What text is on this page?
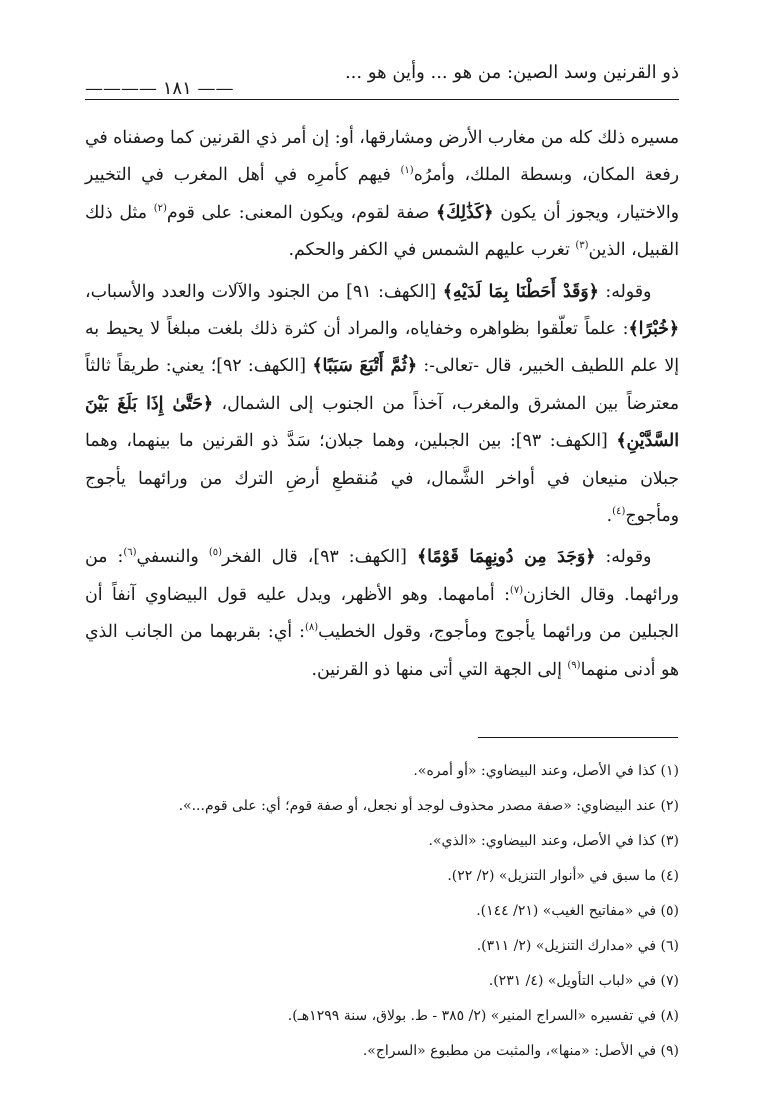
ذو القرنين وسد الصين: من هو ... وأين هو ...
—— ١٨١ ————

مسيره ذلك كله من مغارب الأرض ومشارقها، أو: إن أمر ذي القرنين كما وصفناه في رفعة المكان، وبسطة الملك، وأمرُه$^{(١)}$ فيهم كأمرِه في أهل المغرب في التخيير والاختيار، ويجوز أن يكون ﴿كَذَٰلِكَ﴾ صفة لقوم، ويكون المعنى: على قوم$^{(٢)}$ مثل ذلك القبيل، الذين$^{(٣)}$ تغرب عليهم الشمس في الكفر والحكم.

وقوله: ﴿وَقَدْ أَحَطْنَا بِمَا لَدَيْهِ﴾ [الكهف: ٩١] من الجنود والآلات والعدد والأسباب، ﴿خُبْرًا﴾: علماً تعلّقوا بظواهره وخفاياه، والمراد أن كثرة ذلك بلغت مبلغاً لا يحيط به إلا علم اللطيف الخبير، قال -تعالى-: ﴿ثُمَّ أَتْبَعَ سَبَبًا﴾ [الكهف: ٩٢]؛ يعني: طريقاً ثالثاً معترضاً بين المشرق والمغرب، آخذاً من الجنوب إلى الشمال، ﴿حَتَّىٰ إِذَا بَلَغَ بَيْنَ السَّدَّيْنِ﴾ [الكهف: ٩٣]: بين الجبلين، وهما جبلان؛ سَدَّ ذو القرنين ما بينهما، وهما جبلان منيعان في أواخر الشَّمال، في مُنقطعِ أرضِ الترك من ورائهما يأجوج ومأجوج$^{(٤)}$.

وقوله: ﴿وَجَدَ مِن دُونِهِمَا قَوْمًا﴾ [الكهف: ٩٣]، قال الفخر$^{(٥)}$ والنسفي$^{(٦)}$: من ورائهما. وقال الخازن$^{(٧)}$: أمامهما. وهو الأظهر، ويدل عليه قول البيضاوي آنفاً أن الجبلين من ورائهما يأجوج ومأجوج، وقول الخطيب$^{(٨)}$: أي: بقربهما من الجانب الذي هو أدنى منهما$^{(٩)}$ إلى الجهة التي أتى منها ذو القرنين.

(١) كذا في الأصل، وعند البيضاوي: «أو أمره».
(٢) عند البيضاوي: «صفة مصدر محذوف لوجد أو نجعل، أو صفة قوم؛ أي: على قوم...».
(٣) كذا في الأصل، وعند البيضاوي: «الذي».
(٤) ما سبق في «أنوار التنزيل» (٢/ ٢٢).
(٥) في «مفاتيح الغيب» (٢١/ ١٤٤).
(٦) في «مدارك التنزيل» (٢/ ٣١١).
(٧) في «لباب التأويل» (٤/ ٢٣١).
(٨) في تفسيره «السراج المنير» (٢/ ٣٨٥ - ط. بولاق، سنة ١٢٩٩هـ).
(٩) في الأصل: «منها»، والمثبت من مطبوع «السراج».
